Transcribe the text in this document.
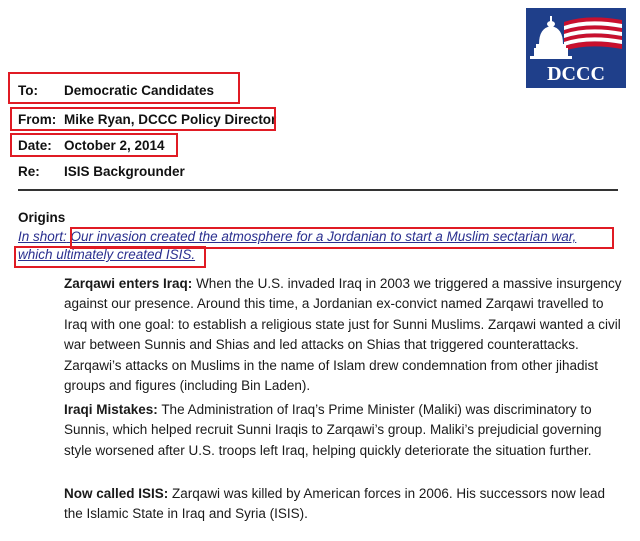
DCCC
To: Democratic Candidates
From: Mike Ryan, DCCC Policy Director
Date: October 2, 2014
Re: ISIS Backgrounder
Origins
In short: Our invasion created the atmosphere for a Jordanian to start a Muslim sectarian war,
which ultimately created ISIS.
Zarqawi enters Iraq: When the U.S. invaded Iraq in 2003 we triggered a massive insurgency against our presence. Around this time, a Jordanian ex-convict named Zarqawi travelled to Iraq with one goal: to establish a religious state just for Sunni Muslims. Zarqawi wanted a civil war between Sunnis and Shias and led attacks on Shias that triggered counterattacks. Zarqawi’s attacks on Muslims in the name of Islam drew condemnation from other jihadist groups and figures (including Bin Laden).
Iraqi Mistakes: The Administration of Iraq’s Prime Minister (Maliki) was discriminatory to Sunnis, which helped recruit Sunni Iraqis to Zarqawi’s group. Maliki’s prejudicial governing style worsened after U.S. troops left Iraq, helping quickly deteriorate the situation further.
Now called ISIS: Zarqawi was killed by American forces in 2006. His successors now lead the Islamic State in Iraq and Syria (ISIS).
